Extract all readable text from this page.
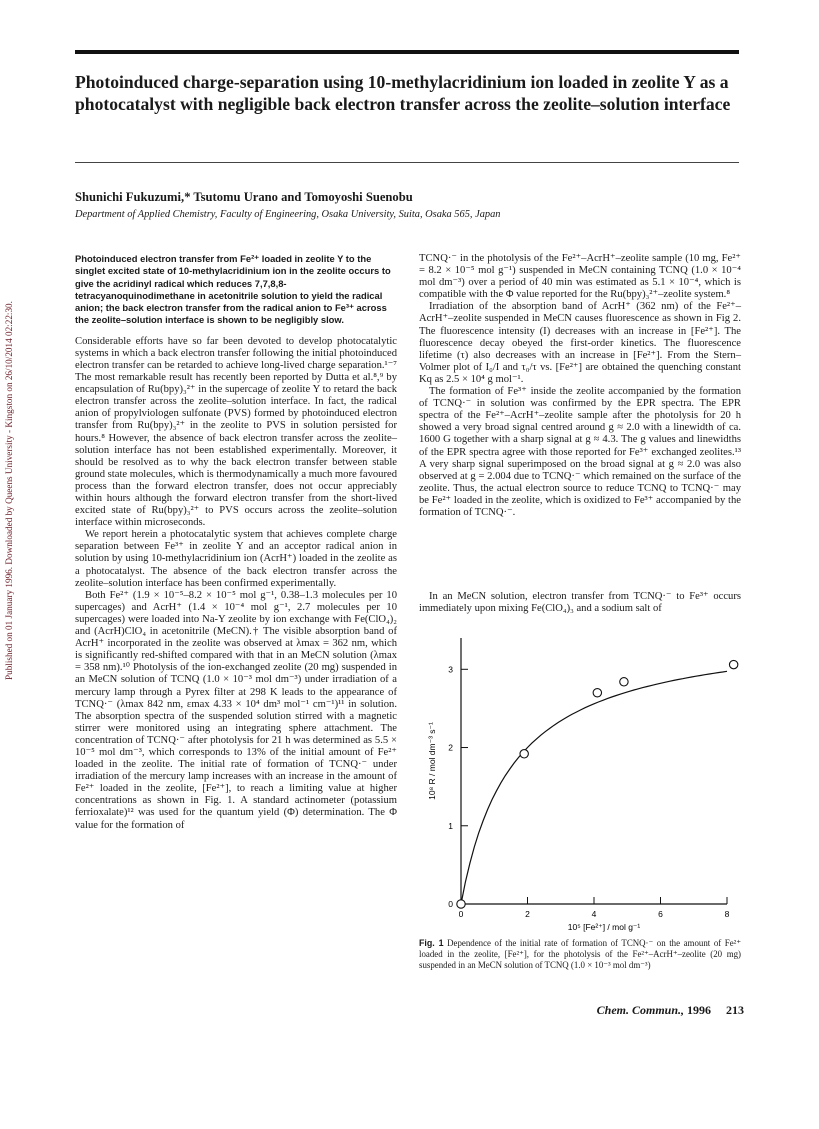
Photoinduced charge-separation using 10-methylacridinium ion loaded in zeolite Y as a photocatalyst with negligible back electron transfer across the zeolite–solution interface
Shunichi Fukuzumi,* Tsutomu Urano and Tomoyoshi Suenobu
Department of Applied Chemistry, Faculty of Engineering, Osaka University, Suita, Osaka 565, Japan
Published on 01 January 1996. Downloaded by Queens University - Kingston on 26/10/2014 02:22:30.

Photoinduced electron transfer from Fe²⁺ loaded in zeolite Y to the singlet excited state of 10-methylacridinium ion in the zeolite occurs to give the acridinyl radical which reduces 7,7,8,8-tetracyanoquinodimethane in acetonitrile solution to yield the radical anion; the back electron transfer from the radical anion to Fe³⁺ across the zeolite–solution interface is shown to be negligibly slow.

Considerable efforts have so far been devoted to develop photocatalytic systems in which a back electron transfer following the initial photoinduced electron transfer can be retarded to achieve long-lived charge separation.¹⁻⁷ The most remarkable result has recently been reported by Dutta et al.⁸,⁹ by encapsulation of Ru(bpy)₃²⁺ in the supercage of zeolite Y to retard the back electron transfer across the zeolite–solution interface. In fact, the radical anion of propylviologen sulfonate (PVS) formed by photoinduced electron transfer from Ru(bpy)₃²⁺ in the zeolite to PVS in solution persisted for hours.⁸ However, the absence of back electron transfer across the zeolite–solution interface has not been established experimentally. Moreover, it should be resolved as to why the back electron transfer between stable ground state molecules, which is thermodynamically a much more favoured process than the forward electron transfer, does not occur appreciably within hours although the forward electron transfer from the short-lived excited state of Ru(bpy)₃²⁺ to PVS occurs across the zeolite–solution interface within microseconds.

We report herein a photocatalytic system that achieves complete charge separation between Fe³⁺ in zeolite Y and an acceptor radical anion in solution by using 10-methylacridinium ion (AcrH⁺) loaded in the zeolite as a photocatalyst. The absence of the back electron transfer across the zeolite–solution interface has been confirmed experimentally.

Both Fe²⁺ (1.9 × 10⁻⁵–8.2 × 10⁻⁵ mol g⁻¹, 0.38–1.3 molecules per 10 supercages) and AcrH⁺ (1.4 × 10⁻⁴ mol g⁻¹, 2.7 molecules per 10 supercages) were loaded into Na-Y zeolite by ion exchange with Fe(ClO₄)₂ and (AcrH)ClO₄ in acetonitrile (MeCN).† The visible absorption band of AcrH⁺ incorporated in the zeolite was observed at λmax = 362 nm, which is significantly red-shifted compared with that in an MeCN solution (λmax = 358 nm).¹⁰ Photolysis of the ion-exchanged zeolite (20 mg) suspended in an MeCN solution of TCNQ (1.0 × 10⁻³ mol dm⁻³) under irradiation of a mercury lamp through a Pyrex filter at 298 K leads to the appearance of TCNQ·⁻ (λmax 842 nm, εmax 4.33 × 10⁴ dm³ mol⁻¹ cm⁻¹)¹¹ in solution. The absorption spectra of the suspended solution stirred with a magnetic stirrer were monitored using an integrating sphere attachment. The concentration of TCNQ·⁻ after photolysis for 21 h was determined as 5.5 × 10⁻⁵ mol dm⁻³, which corresponds to 13% of the initial amount of Fe²⁺ loaded in the zeolite. The initial rate of formation of TCNQ·⁻ under irradiation of the mercury lamp increases with an increase in the amount of Fe²⁺ loaded in the zeolite, [Fe²⁺], to reach a limiting value at higher concentrations as shown in Fig. 1. A standard actinometer (potassium ferrioxalate)¹² was used for the quantum yield (Φ) determination. The Φ value for the formation of

TCNQ·⁻ in the photolysis of the Fe²⁺–AcrH⁺–zeolite sample (10 mg, Fe²⁺ = 8.2 × 10⁻⁵ mol g⁻¹) suspended in MeCN containing TCNQ (1.0 × 10⁻⁴ mol dm⁻³) over a period of 40 min was estimated as 5.1 × 10⁻⁴, which is compatible with the Φ value reported for the Ru(bpy)₃²⁺–zeolite system.⁸

Irradiation of the absorption band of AcrH⁺ (362 nm) of the Fe²⁺–AcrH⁺–zeolite suspended in MeCN causes fluorescence as shown in Fig 2. The fluorescence intensity (I) decreases with an increase in [Fe²⁺]. The fluorescence decay obeyed the first-order kinetics. The fluorescence lifetime (τ) also decreases with an increase in [Fe²⁺]. From the Stern–Volmer plot of I₀/I and τ₀/τ vs. [Fe²⁺] are obtained the quenching constant Kq as 2.5 × 10⁴ g mol⁻¹.

The formation of Fe³⁺ inside the zeolite accompanied by the formation of TCNQ·⁻ in solution was confirmed by the EPR spectra. The EPR spectra of the Fe²⁺–AcrH⁺–zeolite sample after the photolysis for 20 h showed a very broad signal centred around g ≈ 2.0 with a linewidth of ca. 1600 G together with a sharp signal at g ≈ 4.3. The g values and linewidths of the EPR spectra agree with those reported for Fe³⁺ exchanged zeolites.¹³ A very sharp signal superimposed on the broad signal at g ≈ 2.0 was also observed at g = 2.004 due to TCNQ·⁻ which remained on the surface of the zeolite. Thus, the actual electron source to reduce TCNQ to TCNQ·⁻ may be Fe²⁺ loaded in the zeolite, which is oxidized to Fe³⁺ accompanied by the formation of TCNQ·⁻.

In an MeCN solution, electron transfer from TCNQ·⁻ to Fe³⁺ occurs immediately upon mixing Fe(ClO₄)₃ and a sodium salt of

0	2	4	6	8
0
1
2
3
10⁵ [Fe²⁺] / mol g⁻¹
10⁸ R / mol dm⁻³ s⁻¹
Fig. 1 Dependence of the initial rate of formation of TCNQ·⁻ on the amount of Fe²⁺ loaded in the zeolite, [Fe²⁺], for the photolysis of the Fe²⁺–AcrH⁺–zeolite (20 mg) suspended in an MeCN solution of TCNQ (1.0 × 10⁻³ mol dm⁻³)
Chem. Commun., 1996 213
